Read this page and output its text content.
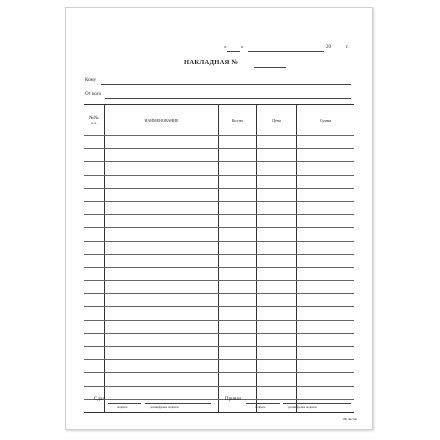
«	»	20	г.
НАКЛАДНАЯ №
Кому
От кого
№№
п. п.	НАИМЕНОВАНИЕ	Кол-во	Цена	Сумма

Сдал
подпись	расшифровка подписи
Принял
подпись	расшифровка подписи
100 листов
